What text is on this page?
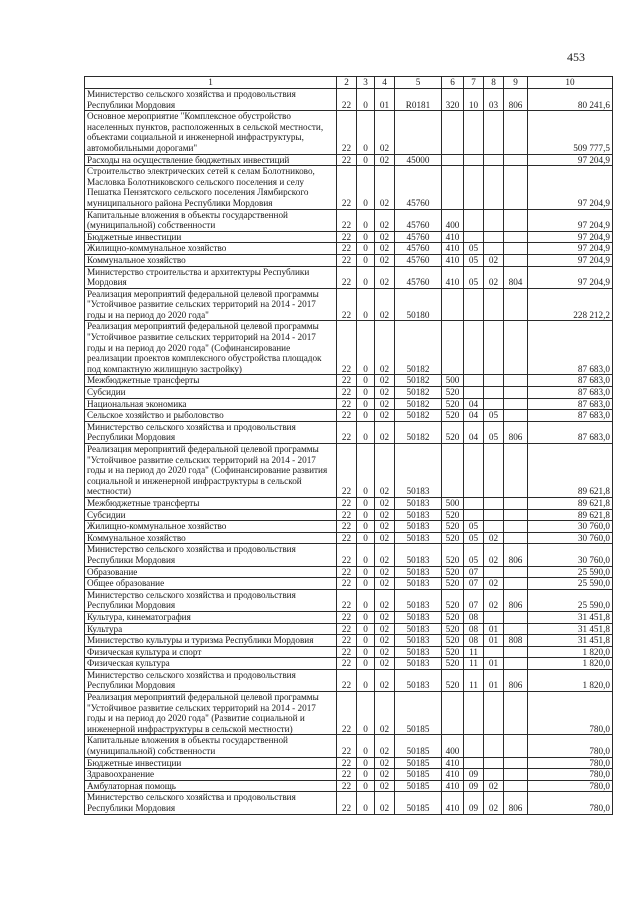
453
1	2	3	4	5	6	7	8	9	10
Министерство сельского хозяйства и продовольствия Республики Мордовия	22	0	01	R0181	320	10	03	806	80 241,6
Основное мероприятие "Комплексное обустройство населенных пунктов, расположенных в сельской местности, объектами социальной и инженерной инфраструктуры, автомобильными дорогами"	22	0	02						509 777,5
Расходы на осуществление бюджетных инвестиций	22	0	02	45000					97 204,9
Строительство электрических сетей к селам Болотниково, Масловка Болотниковского сельского поселения и селу Пешатка Пензятского сельского поселения Лямбирского муниципального района Республики Мордовия	22	0	02	45760					97 204,9
Капитальные вложения в объекты государственной (муниципальной) собственности	22	0	02	45760	400				97 204,9
Бюджетные инвестиции	22	0	02	45760	410				97 204,9
Жилищно-коммунальное хозяйство	22	0	02	45760	410	05			97 204,9
Коммунальное хозяйство	22	0	02	45760	410	05	02		97 204,9
Министерство строительства и архитектуры Республики Мордовия	22	0	02	45760	410	05	02	804	97 204,9
Реализация мероприятий федеральной целевой программы "Устойчивое развитие сельских территорий на 2014 - 2017 годы и на период до 2020 года"	22	0	02	50180					228 212,2
Реализация мероприятий федеральной целевой программы "Устойчивое развитие сельских территорий на 2014 - 2017 годы и на период до 2020 года" (Софинансирование реализации проектов комплексного обустройства площадок под компактную жилищную застройку)	22	0	02	50182					87 683,0
Межбюджетные трансферты	22	0	02	50182	500				87 683,0
Субсидии	22	0	02	50182	520				87 683,0
Национальная экономика	22	0	02	50182	520	04			87 683,0
Сельское хозяйство и рыболовство	22	0	02	50182	520	04	05		87 683,0
Министерство сельского хозяйства и продовольствия Республики Мордовия	22	0	02	50182	520	04	05	806	87 683,0
Реализация мероприятий федеральной целевой программы "Устойчивое развитие сельских территорий на 2014 - 2017 годы и на период до 2020 года" (Софинансирование развития социальной и инженерной инфраструктуры в сельской местности)	22	0	02	50183					89 621,8
Межбюджетные трансферты	22	0	02	50183	500				89 621,8
Субсидии	22	0	02	50183	520				89 621,8
Жилищно-коммунальное хозяйство	22	0	02	50183	520	05			30 760,0
Коммунальное хозяйство	22	0	02	50183	520	05	02		30 760,0
Министерство сельского хозяйства и продовольствия Республики Мордовия	22	0	02	50183	520	05	02	806	30 760,0
Образование	22	0	02	50183	520	07			25 590,0
Общее образование	22	0	02	50183	520	07	02		25 590,0
Министерство сельского хозяйства и продовольствия Республики Мордовия	22	0	02	50183	520	07	02	806	25 590,0
Культура, кинематография	22	0	02	50183	520	08			31 451,8
Культура	22	0	02	50183	520	08	01		31 451,8
Министерство культуры и туризма Республики Мордовия	22	0	02	50183	520	08	01	808	31 451,8
Физическая культура и спорт	22	0	02	50183	520	11			1 820,0
Физическая культура	22	0	02	50183	520	11	01		1 820,0
Министерство сельского хозяйства и продовольствия Республики Мордовия	22	0	02	50183	520	11	01	806	1 820,0
Реализация мероприятий федеральной целевой программы "Устойчивое развитие сельских территорий на 2014 - 2017 годы и на период до 2020 года" (Развитие социальной и инженерной инфраструктуры в сельской местности)	22	0	02	50185					780,0
Капитальные вложения в объекты государственной (муниципальной) собственности	22	0	02	50185	400				780,0
Бюджетные инвестиции	22	0	02	50185	410				780,0
Здравоохранение	22	0	02	50185	410	09			780,0
Амбулаторная помощь	22	0	02	50185	410	09	02		780,0
Министерство сельского хозяйства и продовольствия Республики Мордовия	22	0	02	50185	410	09	02	806	780,0
